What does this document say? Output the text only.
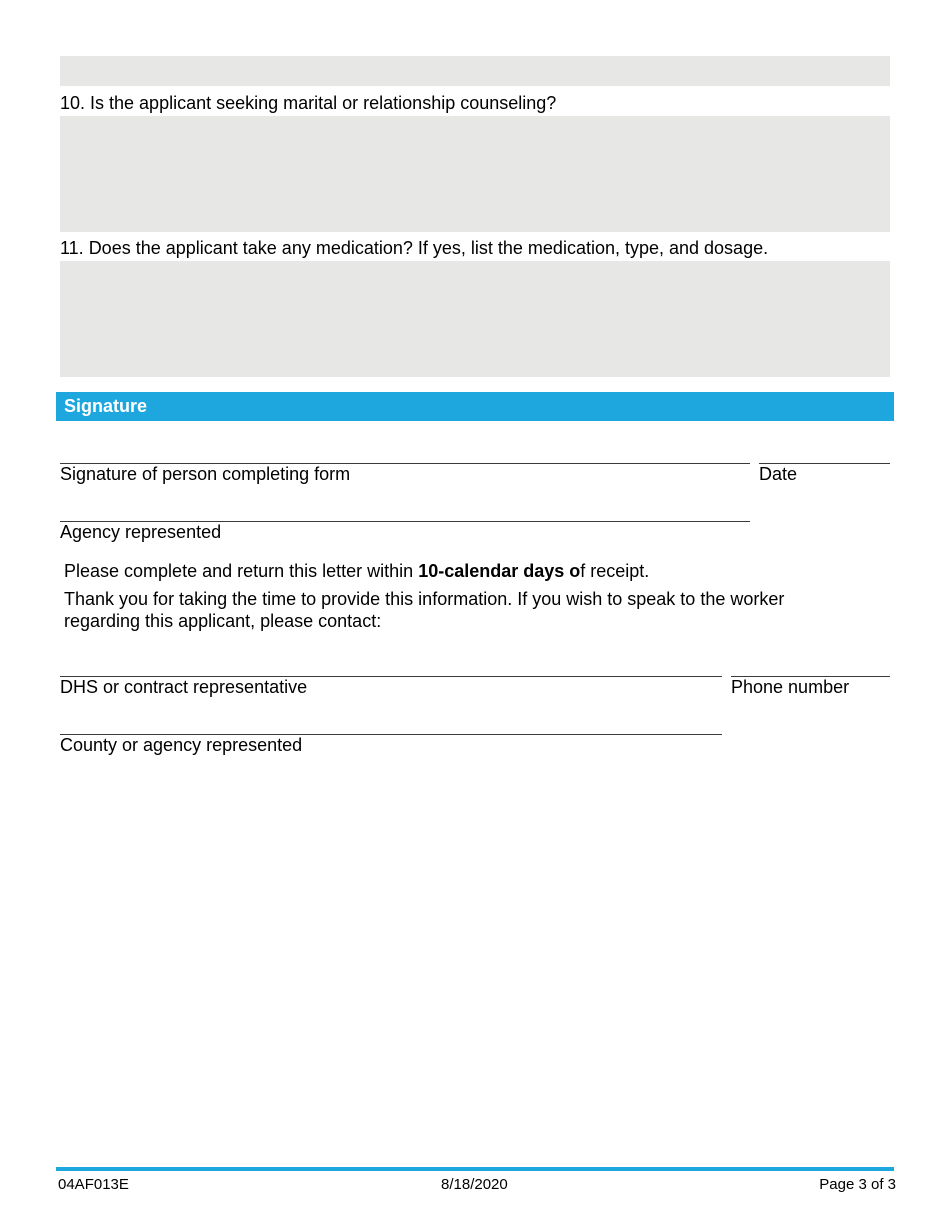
10. Is the applicant seeking marital or relationship counseling?
11. Does the applicant take any medication? If yes, list the medication, type, and dosage.
Signature
Signature of person completing form	Date
Agency represented
Please complete and return this letter within 10-calendar days of receipt.
Thank you for taking the time to provide this information. If you wish to speak to the worker regarding this applicant, please contact:
DHS or contract representative	Phone number
County or agency represented
04AF013E	8/18/2020	Page 3 of 3
